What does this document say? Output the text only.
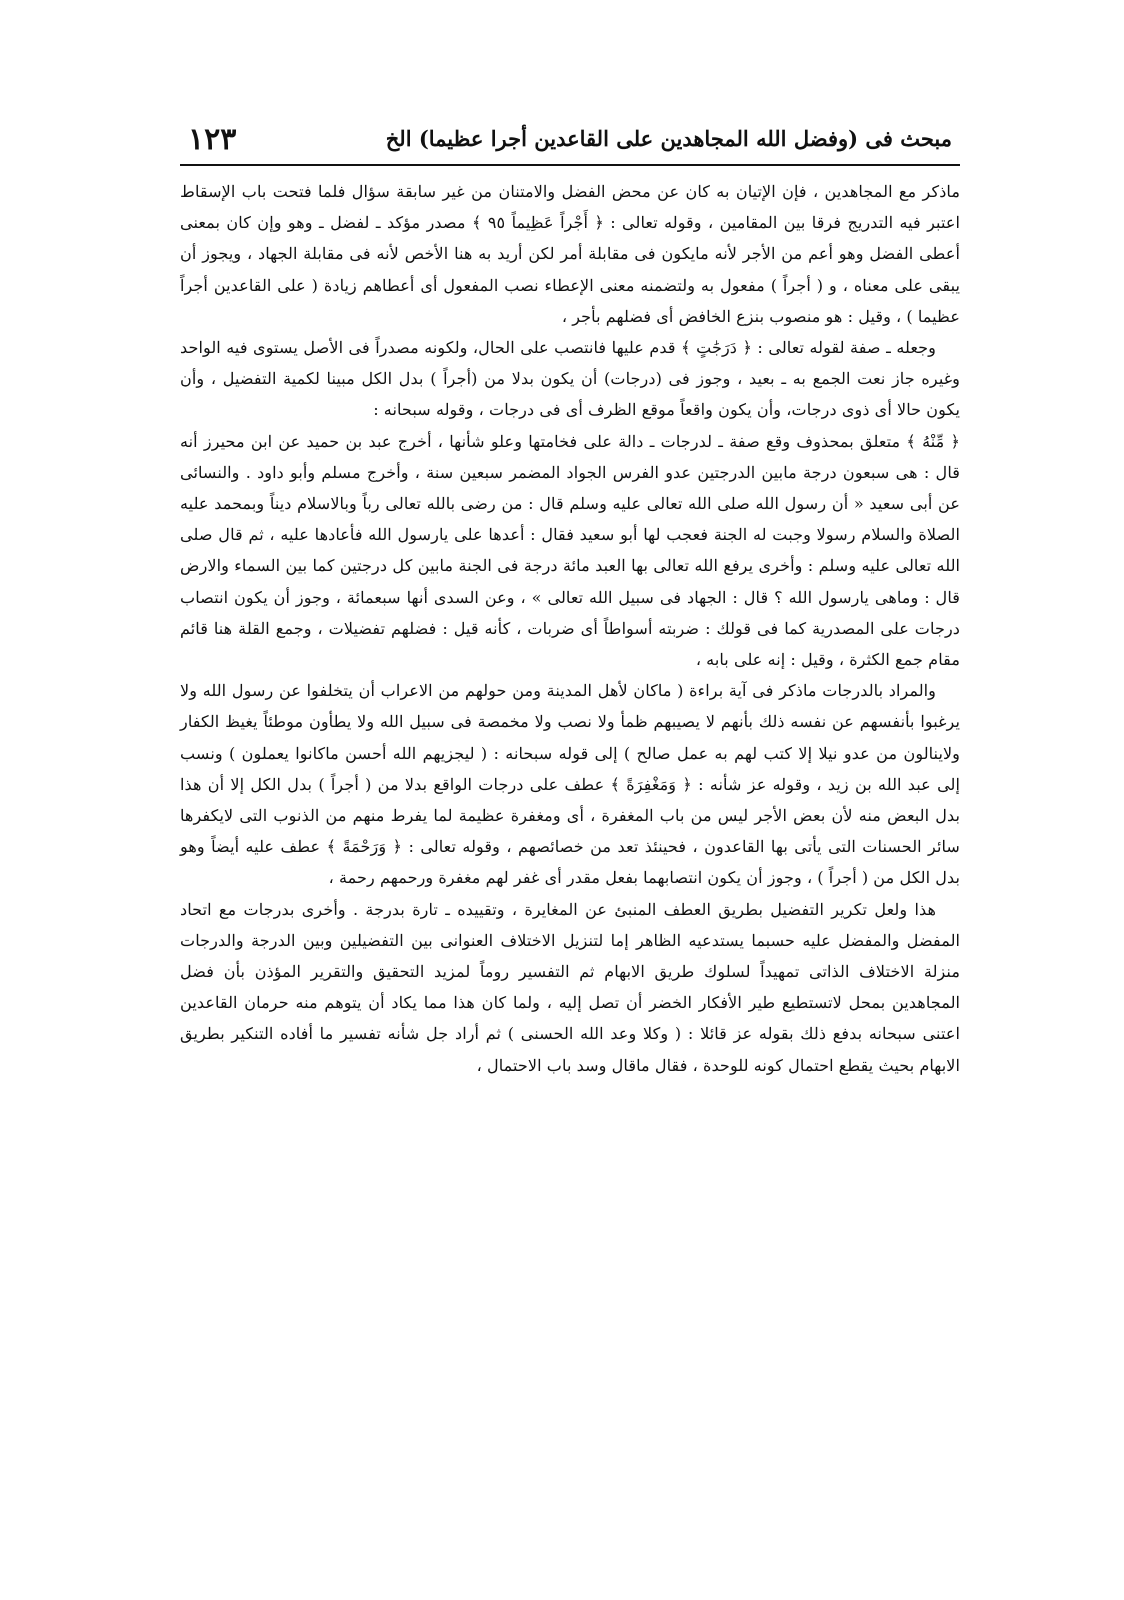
مبحث فى (وفضل الله المجاهدين على القاعدين أجرا عظيما) الخ
١٢٣

ماذكر مع المجاهدين ، فإن الإتيان به كان عن محض الفضل والامتنان من غير سابقة سؤال فلما فتحت باب الإسقاط اعتبر فيه التدريج فرقا بين المقامين ، وقوله تعالى : ﴿ أَجْراً عَظِيماً ٩٥ ﴾ مصدر مؤكد ـ لفضل ـ وهو وإن كان بمعنى أعطى الفضل وهو أعم من الأجر لأنه مايكون فى مقابلة أمر لكن أريد به هنا الأخص لأنه فى مقابلة الجهاد ، ويجوز أن يبقى على معناه ، و ( أجراً ) مفعول به ولتضمنه معنى الإعطاء نصب المفعول أى أعطاهم زيادة ( على القاعدين أجراً عظيما ) ، وقيل : هو منصوب بنزع الخافض أى فضلهم بأجر ،

وجعله ـ صفة لقوله تعالى : ﴿ دَرَجَٰتٍ ﴾ قدم عليها فانتصب على الحال، ولكونه مصدراً فى الأصل يستوى فيه الواحد وغيره جاز نعت الجمع به ـ بعيد ، وجوز فى (درجات) أن يكون بدلا من (أجراً ) بدل الكل مبينا لكمية التفضيل ، وأن يكون حالا أى ذوى درجات، وأن يكون واقعاً موقع الظرف أى فى درجات ، وقوله سبحانه :

﴿ مِّنْهُ ﴾ متعلق بمحذوف وقع صفة ـ لدرجات ـ دالة على فخامتها وعلو شأنها ، أخرج عبد بن حميد عن ابن محيرز أنه قال : هى سبعون درجة مابين الدرجتين عدو الفرس الجواد المضمر سبعين سنة ، وأخرج مسلم وأبو داود . والنسائى عن أبى سعيد « أن رسول الله صلى الله تعالى عليه وسلم قال : من رضى بالله تعالى رباً وبالاسلام ديناً وبمحمد عليه الصلاة والسلام رسولا وجبت له الجنة فعجب لها أبو سعيد فقال : أعدها على يارسول الله فأعادها عليه ، ثم قال صلى الله تعالى عليه وسلم : وأخرى يرفع الله تعالى بها العبد مائة درجة فى الجنة مابين كل درجتين كما بين السماء والارض قال : وماهى يارسول الله ؟ قال : الجهاد فى سبيل الله تعالى » ، وعن السدى أنها سبعمائة ، وجوز أن يكون انتصاب درجات على المصدرية كما فى قولك : ضربته أسواطاً أى ضربات ، كأنه قيل : فضلهم تفضيلات ، وجمع القلة هنا قائم مقام جمع الكثرة ، وقيل : إنه على بابه ،

والمراد بالدرجات ماذكر فى آية براءة ( ماكان لأهل المدينة ومن حولهم من الاعراب أن يتخلفوا عن رسول الله ولا يرغبوا بأنفسهم عن نفسه ذلك بأنهم لا يصيبهم ظمأ ولا نصب ولا مخمصة فى سبيل الله ولا يطأون موطئاً يغيظ الكفار ولاينالون من عدو نيلا إلا كتب لهم به عمل صالح ) إلى قوله سبحانه : ( ليجزيهم الله أحسن ماكانوا يعملون ) ونسب إلى عبد الله بن زيد ، وقوله عز شأنه : ﴿ وَمَغْفِرَةً ﴾ عطف على درجات الواقع بدلا من ( أجراً ) بدل الكل إلا أن هذا بدل البعض منه لأن بعض الأجر ليس من باب المغفرة ، أى ومغفرة عظيمة لما يفرط منهم من الذنوب التى لايكفرها سائر الحسنات التى يأتى بها القاعدون ، فحينئذ تعد من خصائصهم ، وقوله تعالى : ﴿ وَرَحْمَةً ﴾ عطف عليه أيضاً وهو بدل الكل من ( أجراً ) ، وجوز أن يكون انتصابهما بفعل مقدر أى غفر لهم مغفرة ورحمهم رحمة ،

هذا ولعل تكرير التفضيل بطريق العطف المنبئ عن المغايرة ، وتقييده ـ تارة بدرجة . وأخرى بدرجات مع اتحاد المفضل والمفضل عليه حسبما يستدعيه الظاهر إما لتنزيل الاختلاف العنوانى بين التفضيلين وبين الدرجة والدرجات منزلة الاختلاف الذاتى تمهيداً لسلوك طريق الابهام ثم التفسير روماً لمزيد التحقيق والتقرير المؤذن بأن فضل المجاهدين بمحل لاتستطيع طير الأفكار الخضر أن تصل إليه ، ولما كان هذا مما يكاد أن يتوهم منه حرمان القاعدين اعتنى سبحانه بدفع ذلك بقوله عز قائلا : ( وكلا وعد الله الحسنى ) ثم أراد جل شأنه تفسير ما أفاده التنكير بطريق الابهام بحيث يقطع احتمال كونه للوحدة ، فقال ماقال وسد باب الاحتمال ،
